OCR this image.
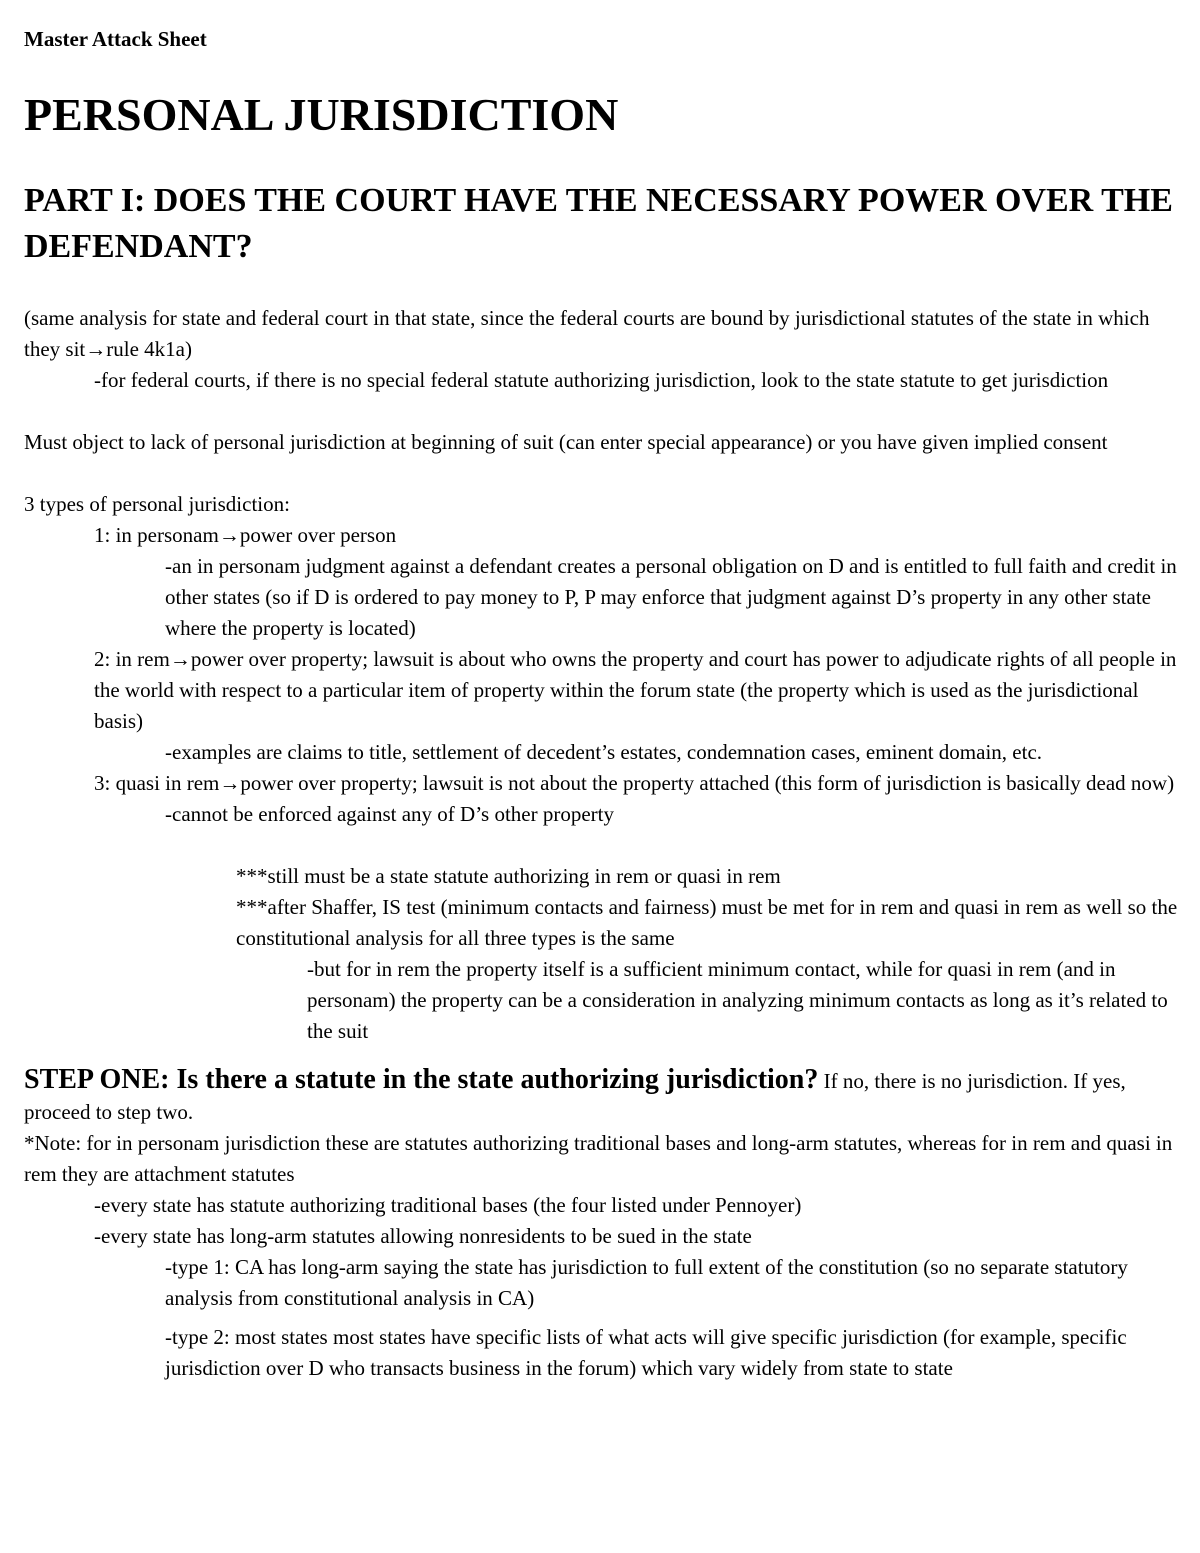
Master Attack Sheet
PERSONAL JURISDICTION
PART I: DOES THE COURT HAVE THE NECESSARY POWER OVER THE DEFENDANT?

(same analysis for state and federal court in that state, since the federal courts are bound by jurisdictional statutes of the state in which they sit→rule 4k1a)

-for federal courts, if there is no special federal statute authorizing jurisdiction, look to the state statute to get jurisdiction

Must object to lack of personal jurisdiction at beginning of suit (can enter special appearance) or you have given implied consent

3 types of personal jurisdiction:

1: in personam→power over person

-an in personam judgment against a defendant creates a personal obligation on D and is entitled to full faith and credit in other states (so if D is ordered to pay money to P, P may enforce that judgment against D’s property in any other state where the property is located)

2: in rem→power over property; lawsuit is about who owns the property and court has power to adjudicate rights of all people in the world with respect to a particular item of property within the forum state (the property which is used as the jurisdictional basis)

-examples are claims to title, settlement of decedent’s estates, condemnation cases, eminent domain, etc.

3: quasi in rem→power over property; lawsuit is not about the property attached (this form of jurisdiction is basically dead now)

-cannot be enforced against any of D’s other property

***still must be a state statute authorizing in rem or quasi in rem

***after Shaffer, IS test (minimum contacts and fairness) must be met for in rem and quasi in rem as well so the constitutional analysis for all three types is the same

-but for in rem the property itself is a sufficient minimum contact, while for quasi in rem (and in personam) the property can be a consideration in analyzing minimum contacts as long as it’s related to the suit

STEP ONE: Is there a statute in the state authorizing jurisdiction? If no, there is no jurisdiction. If yes, proceed to step two.

*Note: for in personam jurisdiction these are statutes authorizing traditional bases and long-arm statutes, whereas for in rem and quasi in rem they are attachment statutes

-every state has statute authorizing traditional bases (the four listed under Pennoyer)

-every state has long-arm statutes allowing nonresidents to be sued in the state

-type 1: CA has long-arm saying the state has jurisdiction to full extent of the constitution (so no separate statutory analysis from constitutional analysis in CA)

-type 2: most states most states have specific lists of what acts will give specific jurisdiction (for example, specific jurisdiction over D who transacts business in the forum) which vary widely from state to state
